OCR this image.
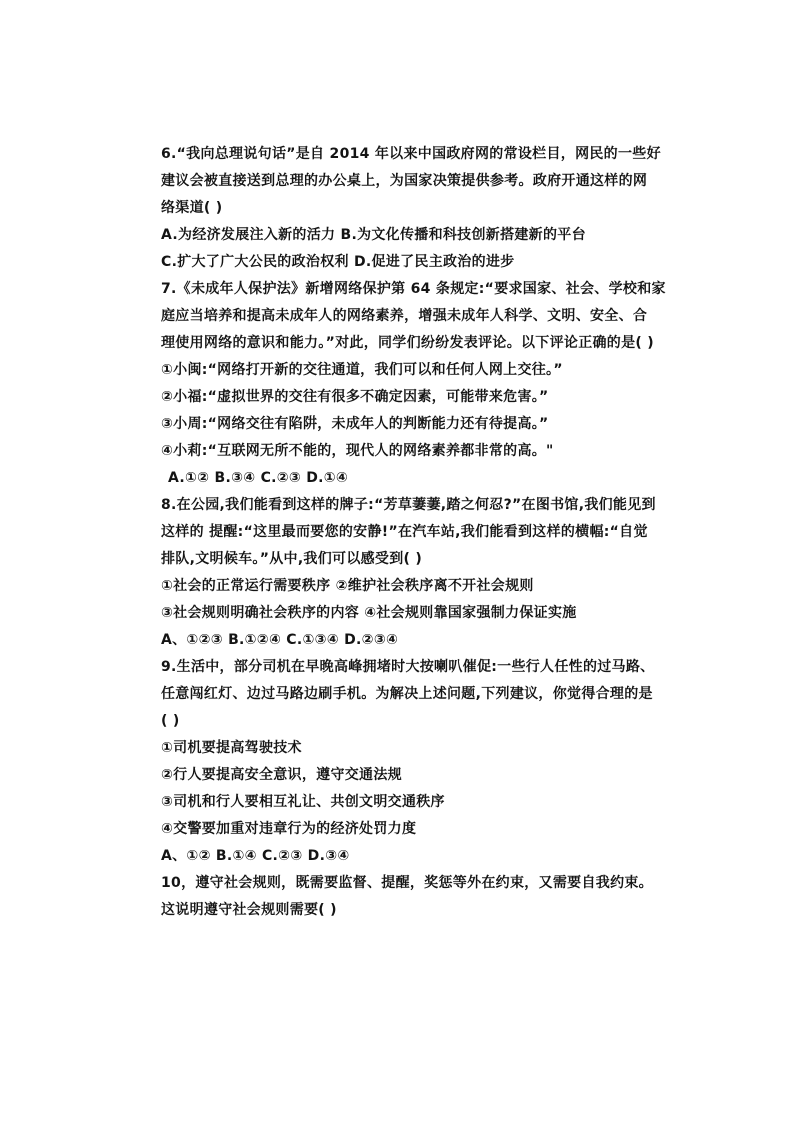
6.“我向总理说句话”是自 2014 年以来中国政府网的常设栏目，网民的一些好
建议会被直接送到总理的办公桌上，为国家决策提供参考。政府开通这样的网
络渠道( )
A.为经济发展注入新的活力 B.为文化传播和科技创新搭建新的平台
C.扩大了广大公民的政治权利 D.促进了民主政治的进步
7.《未成年人保护法》新增网络保护第 64 条规定:“要求国家、社会、学校和家
庭应当培养和提高未成年人的网络素养，增强未成年人科学、文明、安全、合
理使用网络的意识和能力。”对此，同学们纷纷发表评论。以下评论正确的是( )
①小闽:“网络打开新的交往通道，我们可以和任何人网上交往。”
②小福:“虚拟世界的交往有很多不确定因素，可能带来危害。”
③小周:“网络交往有陷阱，未成年人的判断能力还有待提高。”
④小莉:“互联网无所不能的，现代人的网络素养都非常的高。"
A.①② B.③④ C.②③ D.①④
8.在公园,我们能看到这样的牌子:“芳草萋萋,踏之何忍?”在图书馆,我们能见到
这样的 提醒:“这里最而要您的安静!”在汽车站,我们能看到这样的横幅:“自觉
排队,文明候车。”从中,我们可以感受到( )
①社会的正常运行需要秩序 ②维护社会秩序离不开社会规则
③社会规则明确社会秩序的内容 ④社会规则靠国家强制力保证实施
A、①②③ B.①②④ C.①③④ D.②③④
9.生活中，部分司机在早晚高峰拥堵时大按喇叭催促:一些行人任性的过马路、
任意闯红灯、边过马路边刷手机。为解决上述问题,下列建议，你觉得合理的是
( )
①司机要提高驾驶技术
②行人要提高安全意识，遵守交通法规
③司机和行人要相互礼让、共创文明交通秩序
④交警要加重对违章行为的经济处罚力度
A、①② B.①④ C.②③ D.③④
10，遵守社会规则，既需要监督、提醒，奖惩等外在约束，又需要自我约束。
这说明遵守社会规则需要( )
